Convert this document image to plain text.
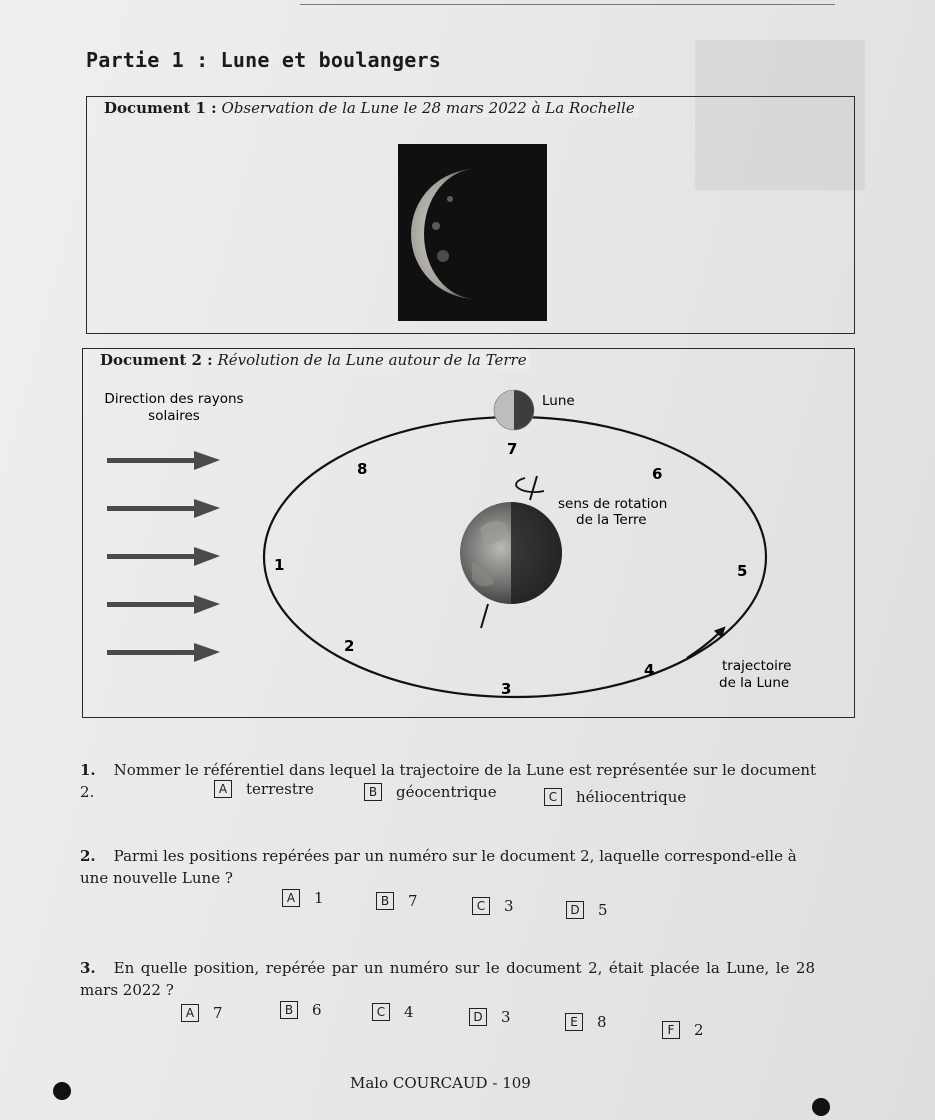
Partie 1 : Lune et boulangers
Document 1 : Observation de la Lune le 28 mars 2022 à La Rochelle
Document 2 : Révolution de la Lune autour de la Terre
Direction des rayons
solaires
Lune
sens de rotation
de la Terre
trajectoire
de la Lune
1
2
3
4
5
6
7
8
1. Nommer le référentiel dans lequel la trajectoire de la Lune est représentée sur le document 2.	A	terrestre	B	géocentrique	C	héliocentrique
2. Parmi les positions repérées par un numéro sur le document 2, laquelle correspond-elle à une nouvelle Lune ?
A	1	B	7	C	3	D 5
3. En quelle position, repérée par un numéro sur le document 2, était placée la Lune, le 28 mars 2022 ?
A	7	B	6	C	4	D 3	E	8	F	2
Malo COURCAUD - 109
